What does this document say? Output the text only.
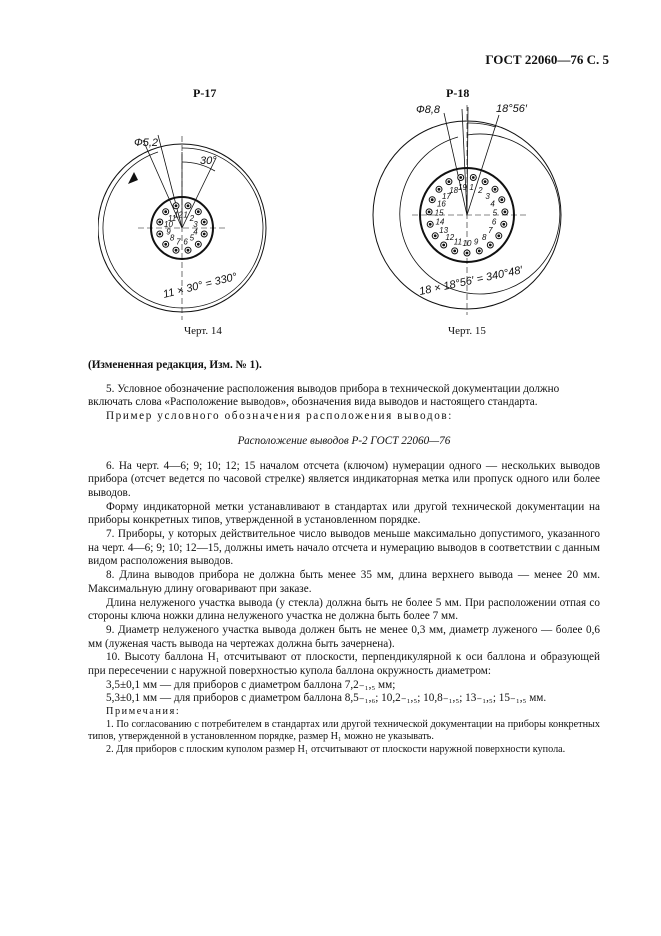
ГОСТ 22060—76 С. 5
Р-17	Р-18
1 2
3
4
5
6
7
8
9
10
11
12
Ф5,2
30°
11 × 30° = 330°
1 2
3
4
5
6
7
8
9
10
11
12
13
14
15
16
17
18 19
Ф8,8	18°56′
18 × 18°56′ = 340°48′
Черт. 14	Черт. 15

(Измененная редакция, Изм. № 1).

5. Условное обозначение расположения выводов прибора в технической документации должно

включать слова «Расположение выводов», обозначения вида выводов и настоящего стандарта.

Пример условного обозначения расположения выводов:

Расположение выводов Р-2 ГОСТ 22060—76

6. На черт. 4—6; 9; 10; 12; 15 началом отсчета (ключом) нумерации одного — нескольких выводов прибора (отсчет ведется по часовой стрелке) является индикаторная метка или пропуск одного или более выводов.

Форму индикаторной метки устанавливают в стандартах или другой технической документации на приборы конкретных типов, утвержденной в установленном порядке.

7. Приборы, у которых действительное число выводов меньше максимально допустимого, указанного на черт. 4—6; 9; 10; 12—15, должны иметь начало отсчета и нумерацию выводов в соответствии с данным видом расположения выводов.

8. Длина выводов прибора не должна быть менее 35 мм, длина верхнего вывода — менее 20 мм. Максимальную длину оговаривают при заказе.

Длина нелуженого участка вывода (у стекла) должна быть не более 5 мм. При расположении отпая со стороны ключа ножки длина нелуженого участка не должна быть более 7 мм.

9. Диаметр нелуженого участка вывода должен быть не менее 0,3 мм, диаметр луженого — более 0,6 мм (луженая часть вывода на чертежах должна быть зачернена).

10. Высоту баллона H₁ отсчитывают от плоскости, перпендикулярной к оси баллона и образующей при пересечении с наружной поверхностью купола баллона окружность диаметром:

3,5±0,1 мм — для приборов с диаметром баллона 7,2₋₁,₅ мм;

5,3±0,1 мм — для приборов с диаметром баллона 8,5₋₁,₆; 10,2₋₁,₅; 10,8₋₁,₅; 13₋₁,₅; 15₋₁,₅ мм.

Примечания:

1. По согласованию с потребителем в стандартах или другой технической документации на приборы конкретных типов, утвержденной в установленном порядке, размер H₁ можно не указывать.

2. Для приборов с плоским куполом размер H₁ отсчитывают от плоскости наружной поверхности купола.
